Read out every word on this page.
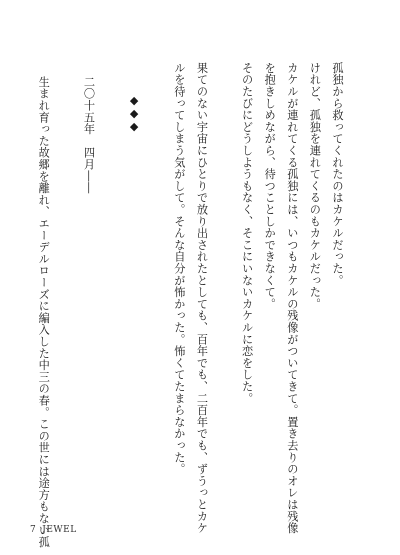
孤独から救ってくれたのはカケルだった。
けれど、孤独を連れてくるのもカケルだった。
カケルが連れてくる孤独には、いつもカケルの残像がついてきて。置き去りのオレは残像
を抱きしめながら、待つことしかできなくて。
そのたびにどうしようもなく、そこにいないカケルに恋をした。
果てのない宇宙にひとりで放り出されたとしても、百年でも、二百年でも、ずうっとカケ
ルを待ってしまう気がして。そんな自分が怖かった。怖くてたまらなかった。
◆◆◆
二〇十五年　四月――
生まれ育った故郷を離れ、エーデルローズに編入した中三の春。この世には途方もない孤
7 JEWEL
